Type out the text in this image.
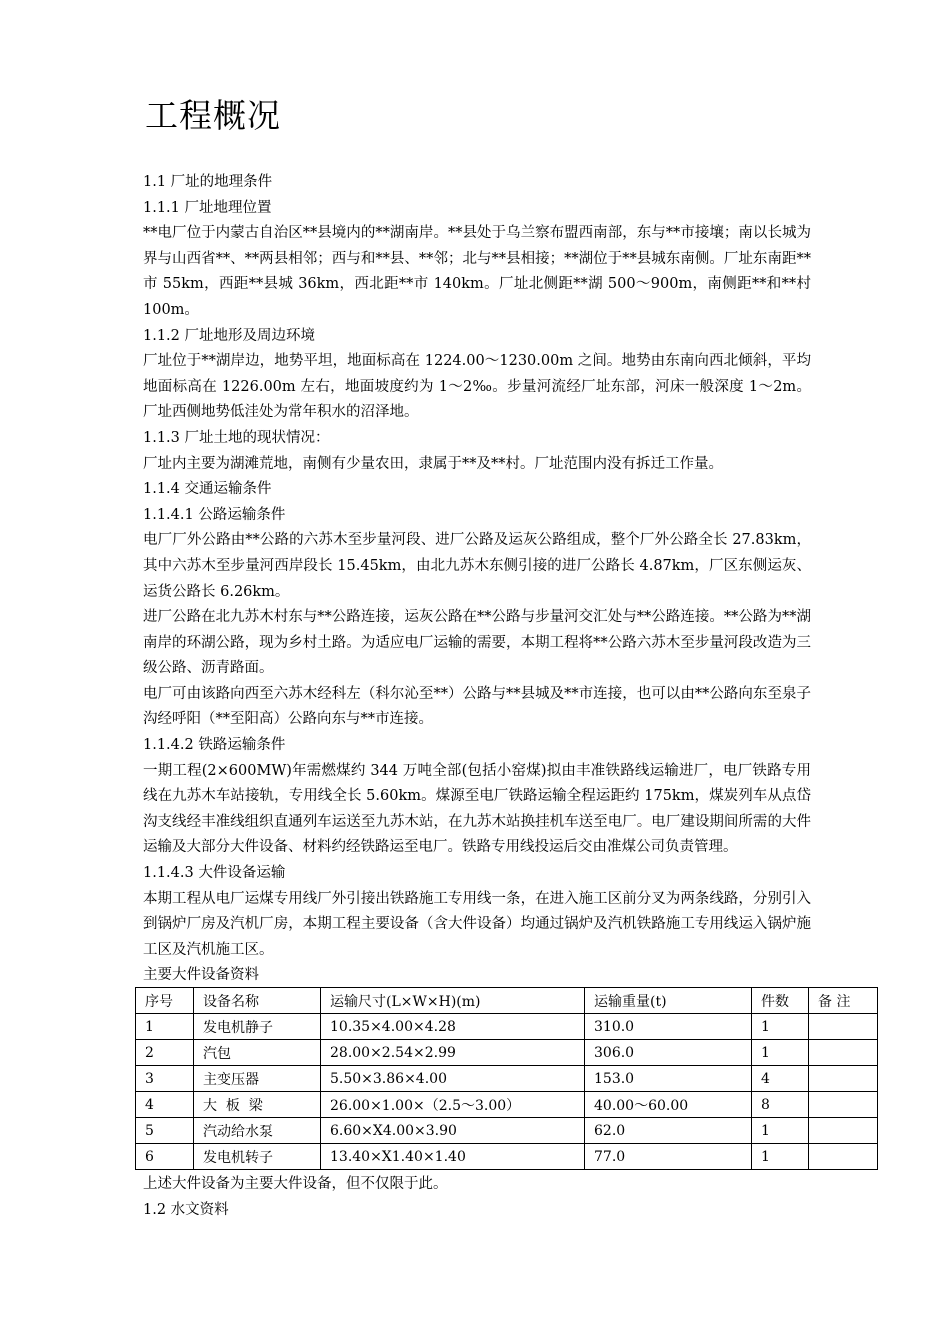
工程概况
1.1 厂址的地理条件
1.1.1 厂址地理位置
**电厂位于内蒙古自治区**县境内的**湖南岸。**县处于乌兰察布盟西南部，东与**市接壤；南以长城为界与山西省**、**两县相邻；西与和**县、**邻；北与**县相接；**湖位于**县城东南侧。厂址东南距**市 55km，西距**县城 36km，西北距**市 140km。厂址北侧距**湖 500～900m，南侧距**和**村 100m。
1.1.2 厂址地形及周边环境
厂址位于**湖岸边，地势平坦，地面标高在 1224.00～1230.00m 之间。地势由东南向西北倾斜，平均地面标高在 1226.00m 左右，地面坡度约为 1～2‰。步量河流经厂址东部，河床一般深度 1～2m。厂址西侧地势低洼处为常年积水的沼泽地。
1.1.3 厂址土地的现状情况：
厂址内主要为湖滩荒地，南侧有少量农田，隶属于**及**村。厂址范围内没有拆迁工作量。
1.1.4 交通运输条件
1.1.4.1 公路运输条件
电厂厂外公路由**公路的六苏木至步量河段、进厂公路及运灰公路组成，整个厂外公路全长 27.83km，其中六苏木至步量河西岸段长 15.45km，由北九苏木东侧引接的进厂公路长 4.87km，厂区东侧运灰、运货公路长 6.26km。
进厂公路在北九苏木村东与**公路连接，运灰公路在**公路与步量河交汇处与**公路连接。**公路为**湖南岸的环湖公路，现为乡村土路。为适应电厂运输的需要，本期工程将**公路六苏木至步量河段改造为三级公路、沥青路面。
电厂可由该路向西至六苏木经科左（科尔沁至**）公路与**县城及**市连接，也可以由**公路向东至泉子沟经呼阳（**至阳高）公路向东与**市连接。
1.1.4.2 铁路运输条件
一期工程(2×600MW)年需燃煤约 344 万吨全部(包括小窑煤)拟由丰准铁路线运输进厂，电厂铁路专用线在九苏木车站接轨，专用线全长 5.60km。煤源至电厂铁路运输全程运距约 175km，煤炭列车从点岱沟支线经丰准线组织直通列车运送至九苏木站，在九苏木站换挂机车送至电厂。电厂建设期间所需的大件运输及大部分大件设备、材料约经铁路运至电厂。铁路专用线投运后交由准煤公司负责管理。
1.1.4.3 大件设备运输
本期工程从电厂运煤专用线厂外引接出铁路施工专用线一条，在进入施工区前分叉为两条线路，分别引入到锅炉厂房及汽机厂房，本期工程主要设备（含大件设备）均通过锅炉及汽机铁路施工专用线运入锅炉施工区及汽机施工区。
主要大件设备资料
序号	设备名称	运输尺寸(L×W×H)(m)	运输重量(t)	件数	备 注
1	发电机静子	10.35×4.00×4.28	310.0	1	
2	汽包	28.00×2.54×2.99	306.0	1	
3	主变压器	5.50×3.86×4.00	153.0	4	
4	大  板  梁	26.00×1.00×（2.5～3.00）	40.00～60.00	8	
5	汽动给水泵	6.60×X4.00×3.90	62.0	1	
6	发电机转子	13.40×X1.40×1.40	77.0	1	
上述大件设备为主要大件设备，但不仅限于此。
1.2 水文资料
